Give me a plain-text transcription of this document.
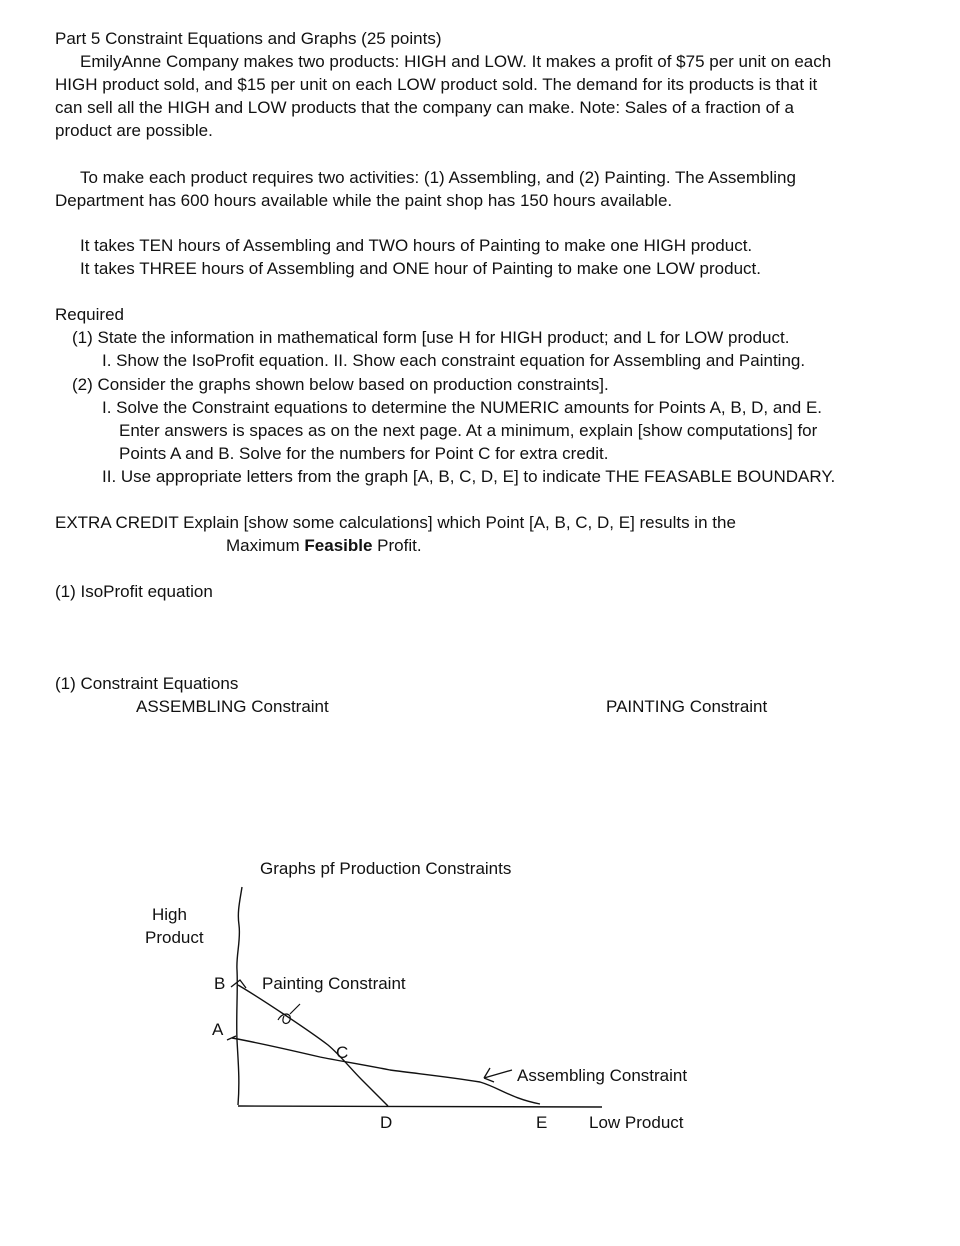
Part 5 Constraint Equations and Graphs (25 points)
EmilyAnne Company makes two products: HIGH and LOW. It makes a profit of $75 per unit on each
HIGH product sold, and $15 per unit on each LOW product sold. The demand for its products is that it
can sell all the HIGH and LOW products that the company can make. Note: Sales of a fraction of a
product are possible.
To make each product requires two activities: (1) Assembling, and (2) Painting. The Assembling
Department has 600 hours available while the paint shop has 150 hours available.
It takes TEN hours of Assembling and TWO hours of Painting to make one HIGH product.
It takes THREE hours of Assembling and ONE hour of Painting to make one LOW product.
Required
(1) State the information in mathematical form [use H for HIGH product; and L for LOW product.
I. Show the IsoProfit equation. II. Show each constraint equation for Assembling and Painting.
(2) Consider the graphs shown below based on production constraints].
I. Solve the Constraint equations to determine the NUMERIC amounts for Points A, B, D, and E.
Enter answers is spaces as on the next page. At a minimum, explain [show computations] for
Points A and B. Solve for the numbers for Point C for extra credit.
II. Use appropriate letters from the graph [A, B, C, D, E] to indicate THE FEASABLE BOUNDARY.
EXTRA CREDIT Explain [show some calculations] which Point [A, B, C, D, E] results in the
Maximum Feasible Profit.
(1) IsoProfit equation
(1) Constraint Equations
ASSEMBLING Constraint	PAINTING Constraint
Graphs pf Production Constraints
High
Product
B Painting Constraint
A
C
Assembling Constraint
D	E Low Product
